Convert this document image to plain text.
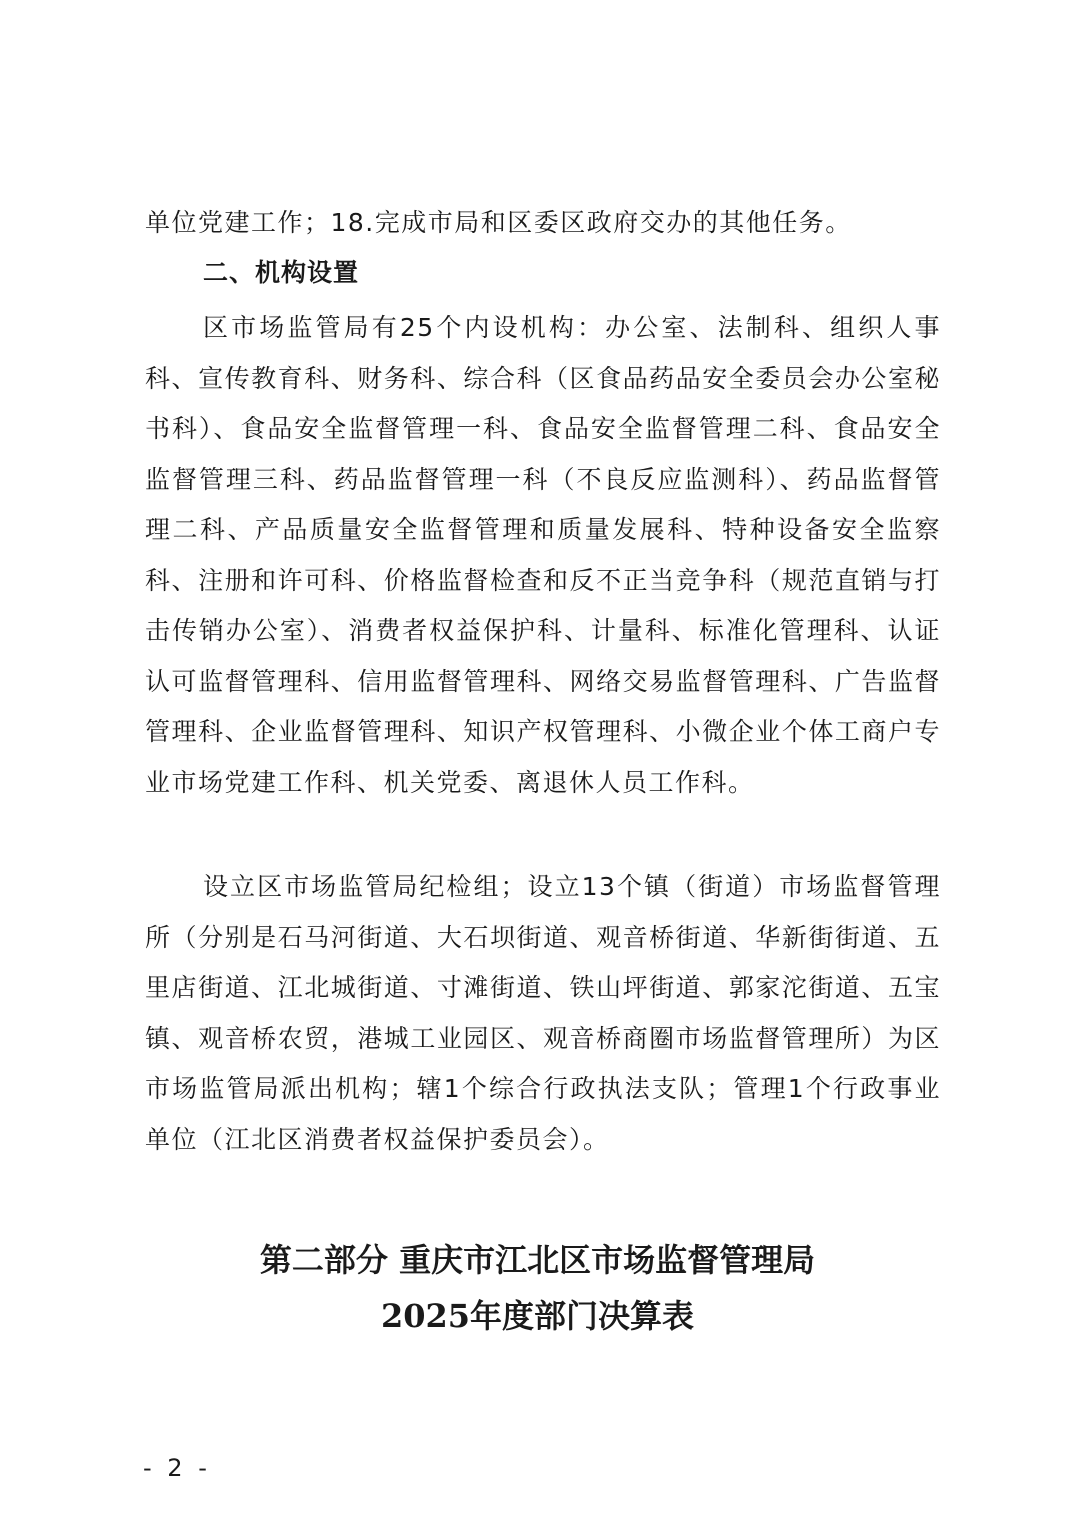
单位党建工作；18.完成市局和区委区政府交办的其他任务。

二、机构设置

区市场监管局有25个内设机构：办公室、法制科、组织人事科、宣传教育科、财务科、综合科（区食品药品安全委员会办公室秘书科）、食品安全监督管理一科、食品安全监督管理二科、食品安全监督管理三科、药品监督管理一科（不良反应监测科）、药品监督管理二科、产品质量安全监督管理和质量发展科、特种设备安全监察科、注册和许可科、价格监督检查和反不正当竞争科（规范直销与打击传销办公室）、消费者权益保护科、计量科、标准化管理科、认证认可监督管理科、信用监督管理科、网络交易监督管理科、广告监督管理科、企业监督管理科、知识产权管理科、小微企业个体工商户专业市场党建工作科、机关党委、离退休人员工作科。

设立区市场监管局纪检组；设立13个镇（街道）市场监督管理所（分别是石马河街道、大石坝街道、观音桥街道、华新街街道、五里店街道、江北城街道、寸滩街道、铁山坪街道、郭家沱街道、五宝镇、观音桥农贸，港城工业园区、观音桥商圈市场监督管理所）为区市场监管局派出机构；辖1个综合行政执法支队；管理1个行政事业单位（江北区消费者权益保护委员会）。

第二部分 重庆市江北区市场监督管理局
2025年度部门决算表
- 2 -
